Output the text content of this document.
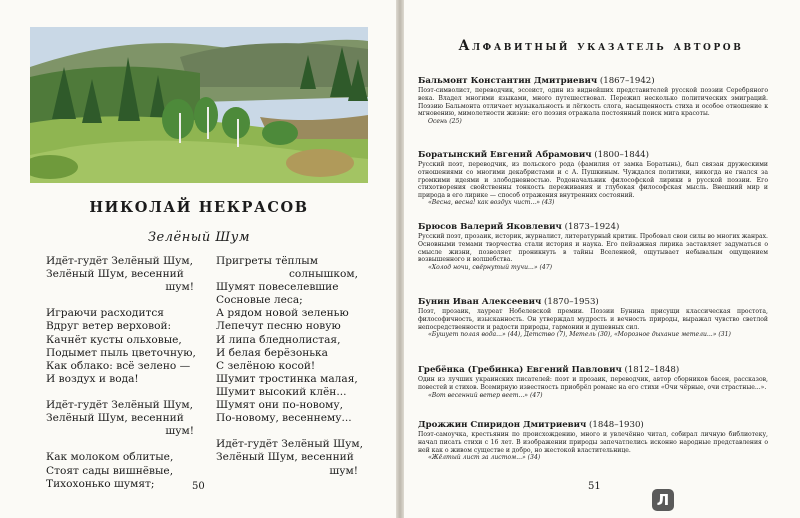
НИКОЛАЙ НЕКРАСОВ
Зелёный Шум
Идёт-гудёт Зелёный Шум,
Зелёный Шум, весенний
шум!
Играючи расходится
Вдруг ветер верховой:
Качнёт кусты ольховые,
Подымет пыль цветочную,
Как облако: всё зелено —
И воздух и вода!
Идёт-гудёт Зелёный Шум,
Зелёный Шум, весенний
шум!
Как молоком облитые,
Стоят сады вишнёвые,
Тихохонько шумят;
Пригреты тёплым
солнышком,
Шумят повеселевшие
Сосновые леса;
А рядом новой зеленью
Лепечут песню новую
И липа бледнолистая,
И белая берёзонька
С зелёною косой!
Шумит тростинка малая,
Шумит высокий клён...
Шумят они по-новому,
По-новому, весеннему...
Идёт-гудёт Зелёный Шум,
Зелёный Шум, весенний
шум!
50
Алфавитный указатель авторов
Бальмонт Константин Дмитриевич (1867–1942)
Поэт-символист, переводчик, эссеист, один из виднейших представителей русской поэзии Серебряного века. Владел многими языками, много путешествовал. Пережил несколько политических эмиграций. Поэзию Бальмонта отличает музыкальность и лёгкость слога, насыщенность стиха и особое отношение к мгновению, мимолетности жизни: его поэзия отражала постоянный поиск мига красоты.
Осень (25)
Боратынский Евгений Абрамович (1800–1844)
Русский поэт, переводчик, из польского рода (фамилия от замка Боратынь), был связан дружескими отношениями со многими декабристами и с А. Пушкиным. Чуждался политики, никогда не гнался за громкими идеями и злободневностью. Родоначальник философской лирики в русской поэзии. Его стихотворения свойственны тонкость переживания и глубокая философская мысль. Внешний мир и природа в его лирике — способ отражения внутренних состояний.
«Весна, весна! как воздух чист...» (43)
Брюсов Валерий Яковлевич (1873–1924)
Русский поэт, прозаик, историк, журналист, литературный критик. Пробовал свои силы во многих жанрах. Основными темами творчества стали история и наука. Его пейзажная лирика заставляет задуматься о смысле жизни, позволяет проникнуть в тайны Вселенной, ощутывает небывалым ощущением возвышенного и волшебства.
«Холод ночи, свёрнутый тучи...» (47)
Бунин Иван Алексеевич (1870–1953)
Поэт, прозаик, лауреат Нобелевской премии. Поэзии Бунина присущи классическая простота, философичность, изысканность. Он утверждал мудрость и вечность природы, выражал чувство светлой непосредственности и радости природы, гармонии и душевных сил.
«Бушует полая вода...» (44), Детство (7), Метель (30), «Морозное дыхание метели...» (31)
Гребёнка (Гребинка) Евгений Павлович (1812–1848)
Один из лучших украинских писателей: поэт и прозаик, переводчик, автор сборников басен, рассказов, повестей и стихов. Всемирную известность приобрёл романс на его стихи «Очи чёрные, очи страстные...».
«Вот весенний ветер веет...» (47)
Дрожжин Спиридон Дмитриевич (1848–1930)
Поэт-самоучка, крестьянин по происхождению, много и увлечённо читал, собирал личную библиотеку, начал писать стихи с 16 лет. В изображении природы запечатлелись исконно народные представления о ней как о живом существе и добро, но жестокой властительнице.
«Жёлтый лист за листом...» (34)
51
Л
